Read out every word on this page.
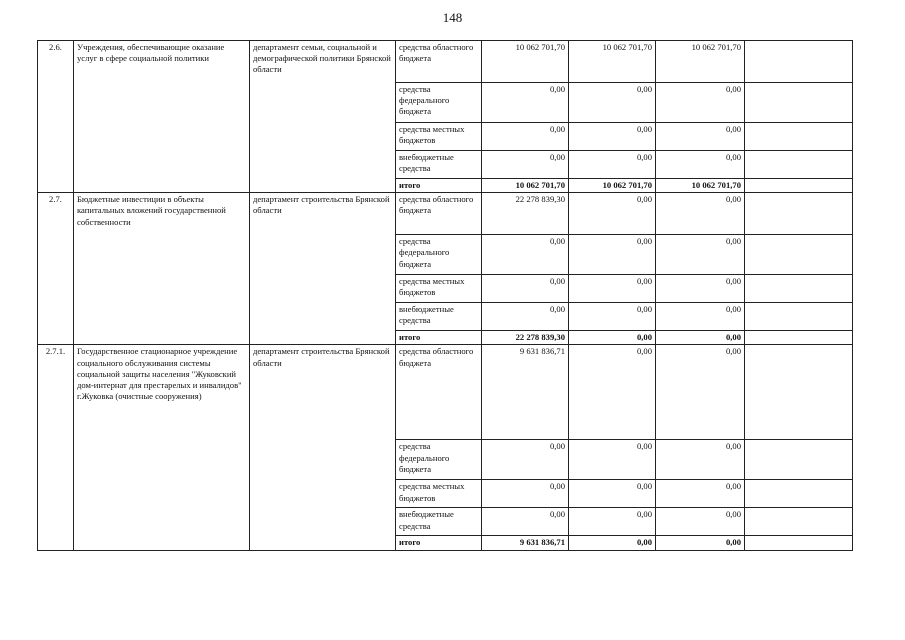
148
2.6.	Учреждения, обеспечивающие оказание услуг в сфере социальной политики	департамент семьи, социальной и демографической политики Брянской области	средства областного бюджета	10 062 701,70	10 062 701,70	10 062 701,70	
			средства федерального бюджета	0,00	0,00	0,00	
			средства местных бюджетов	0,00	0,00	0,00	
			внебюджетные средства	0,00	0,00	0,00	
			итого	10 062 701,70	10 062 701,70	10 062 701,70	
2.7.	Бюджетные инвестиции в объекты капитальных вложений государственной собственности	департамент строительства Брянской области	средства областного бюджета	22 278 839,30	0,00	0,00	
			средства федерального бюджета	0,00	0,00	0,00	
			средства местных бюджетов	0,00	0,00	0,00	
			внебюджетные средства	0,00	0,00	0,00	
			итого	22 278 839,30	0,00	0,00	
2.7.1.	Государственное стационарное учреждение социального обслуживания системы социальной защиты населения "Жуковский дом-интернат для престарелых и инвалидов" г.Жуковка (очистные сооружения)	департамент строительства Брянской области	средства областного бюджета	9 631 836,71	0,00	0,00	
			средства федерального бюджета	0,00	0,00	0,00	
			средства местных бюджетов	0,00	0,00	0,00	
			внебюджетные средства	0,00	0,00	0,00	
			итого	9 631 836,71	0,00	0,00	
